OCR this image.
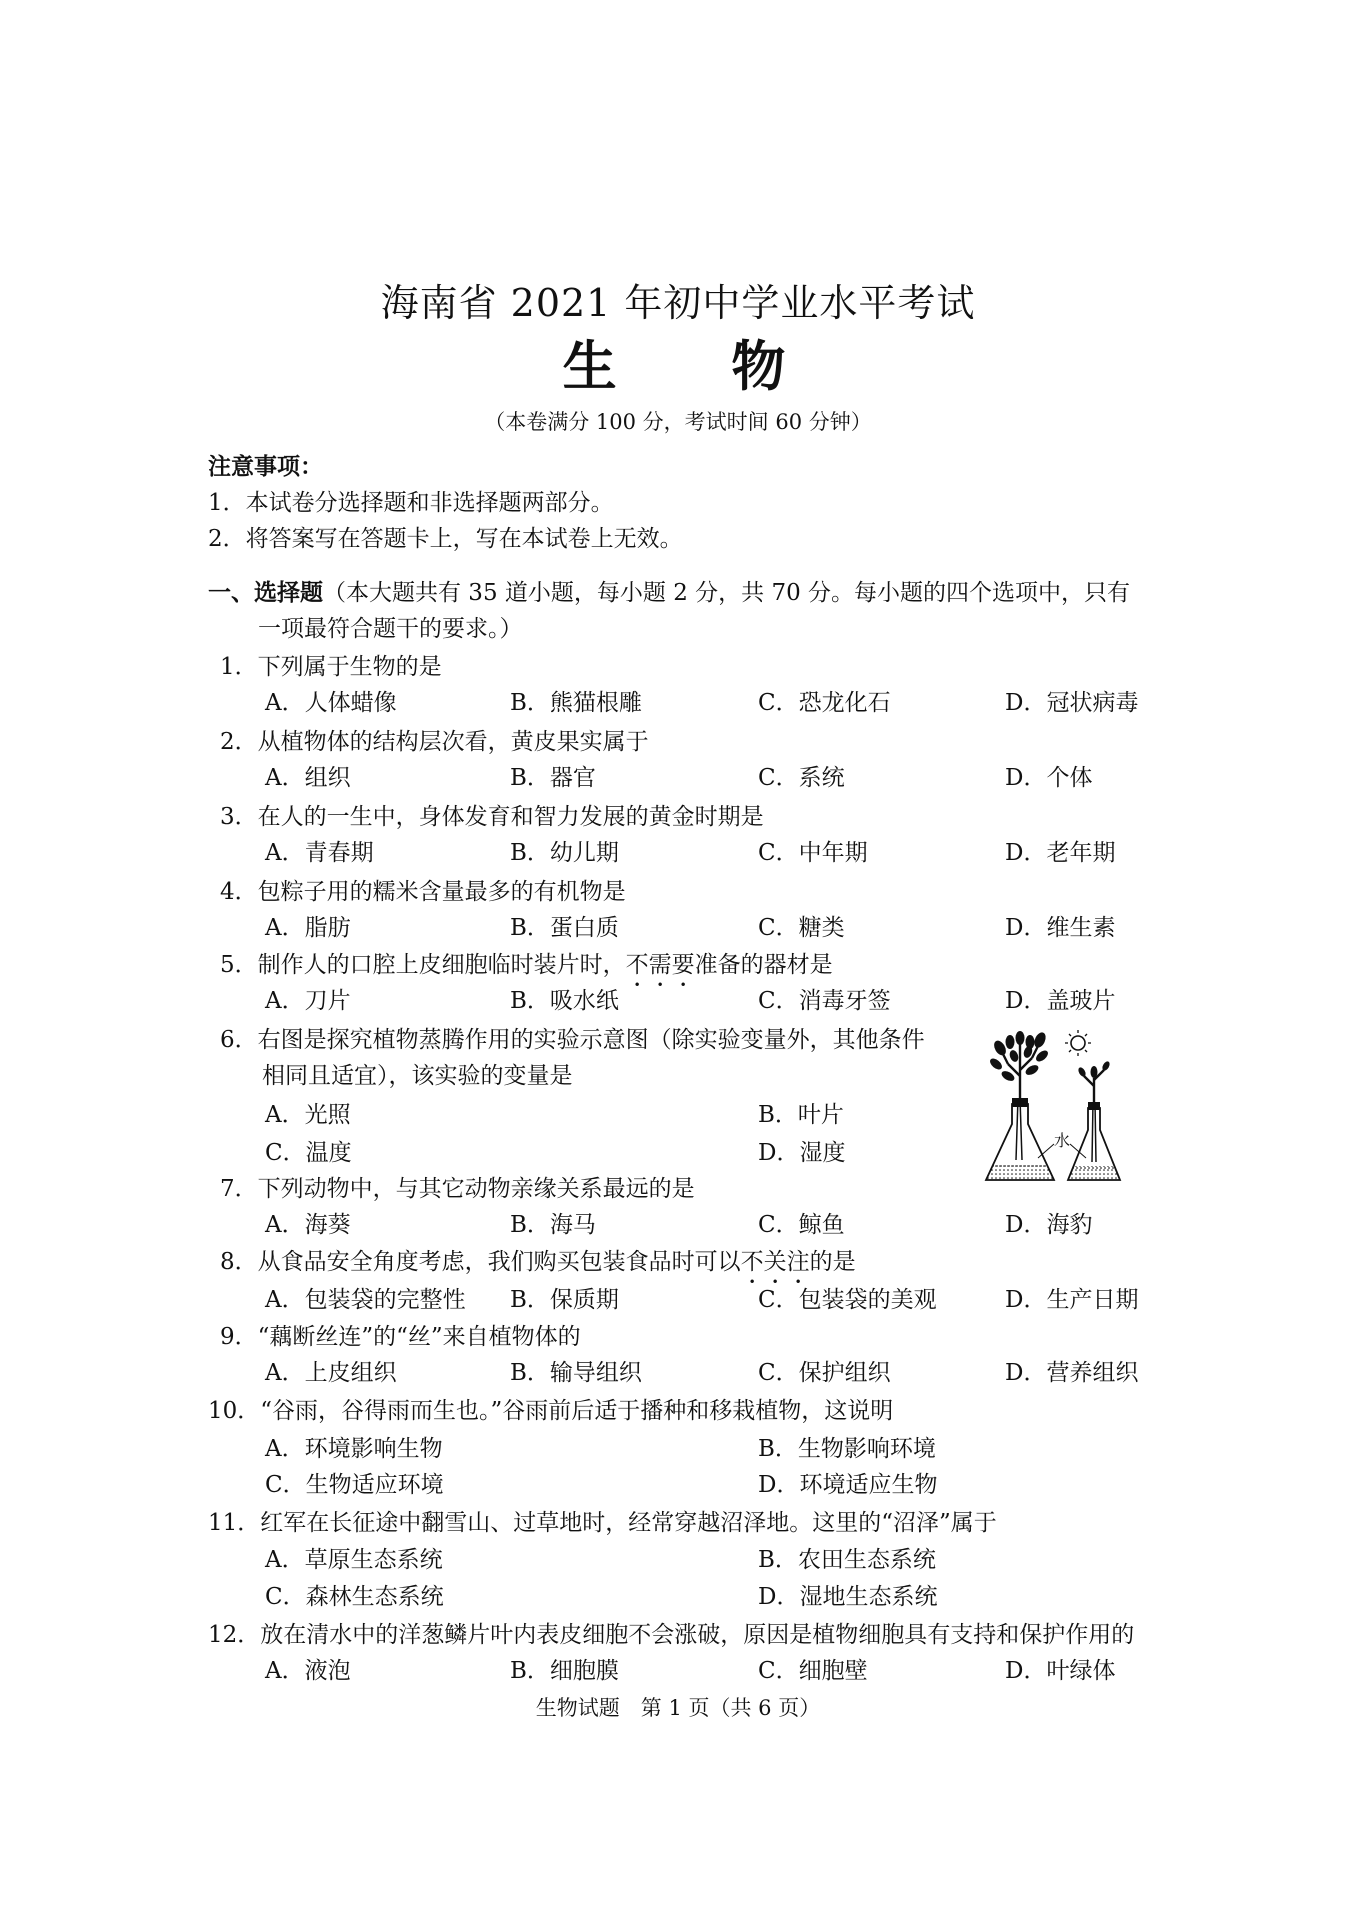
海南省 2021 年初中学业水平考试
生 物
（本卷满分 100 分，考试时间 60 分钟）
注意事项：
1．本试卷分选择题和非选择题两部分。
2．将答案写在答题卡上，写在本试卷上无效。
一、选择题（本大题共有 35 道小题，每小题 2 分，共 70 分。每小题的四个选项中，只有
一项最符合题干的要求。）
1．下列属于生物的是
A．人体蜡像	B．熊猫根雕	C．恐龙化石	D．冠状病毒
2．从植物体的结构层次看，黄皮果实属于
A．组织	B．器官	C．系统	D．个体
3．在人的一生中，身体发育和智力发展的黄金时期是
A．青春期	B．幼儿期	C．中年期	D．老年期
4．包粽子用的糯米含量最多的有机物是
A．脂肪	B．蛋白质	C．糖类	D．维生素
5．制作人的口腔上皮细胞临时装片时，不需要准备的器材是
A．刀片	B．吸水纸	C．消毒牙签	D．盖玻片
6．右图是探究植物蒸腾作用的实验示意图（除实验变量外，其他条件
相同且适宜），该实验的变量是
A．光照	B．叶片
C．温度	D．湿度	水
7．下列动物中，与其它动物亲缘关系最远的是
A．海葵	B．海马	C．鲸鱼	D．海豹
8．从食品安全角度考虑，我们购买包装食品时可以不关注的是
A．包装袋的完整性 B．保质期	C．包装袋的美观	D．生产日期
9．“藕断丝连”的“丝”来自植物体的
A．上皮组织	B．输导组织	C．保护组织	D．营养组织
10．“谷雨，谷得雨而生也。”谷雨前后适于播种和移栽植物，这说明
A．环境影响生物	B．生物影响环境
C．生物适应环境	D．环境适应生物
11．红军在长征途中翻雪山、过草地时，经常穿越沼泽地。这里的“沼泽”属于
A．草原生态系统	B．农田生态系统
C．森林生态系统	D．湿地生态系统
12．放在清水中的洋葱鳞片叶内表皮细胞不会涨破，原因是植物细胞具有支持和保护作用的
A．液泡	B．细胞膜	C．细胞壁	D．叶绿体
生物试题　第 1 页（共 6 页）
